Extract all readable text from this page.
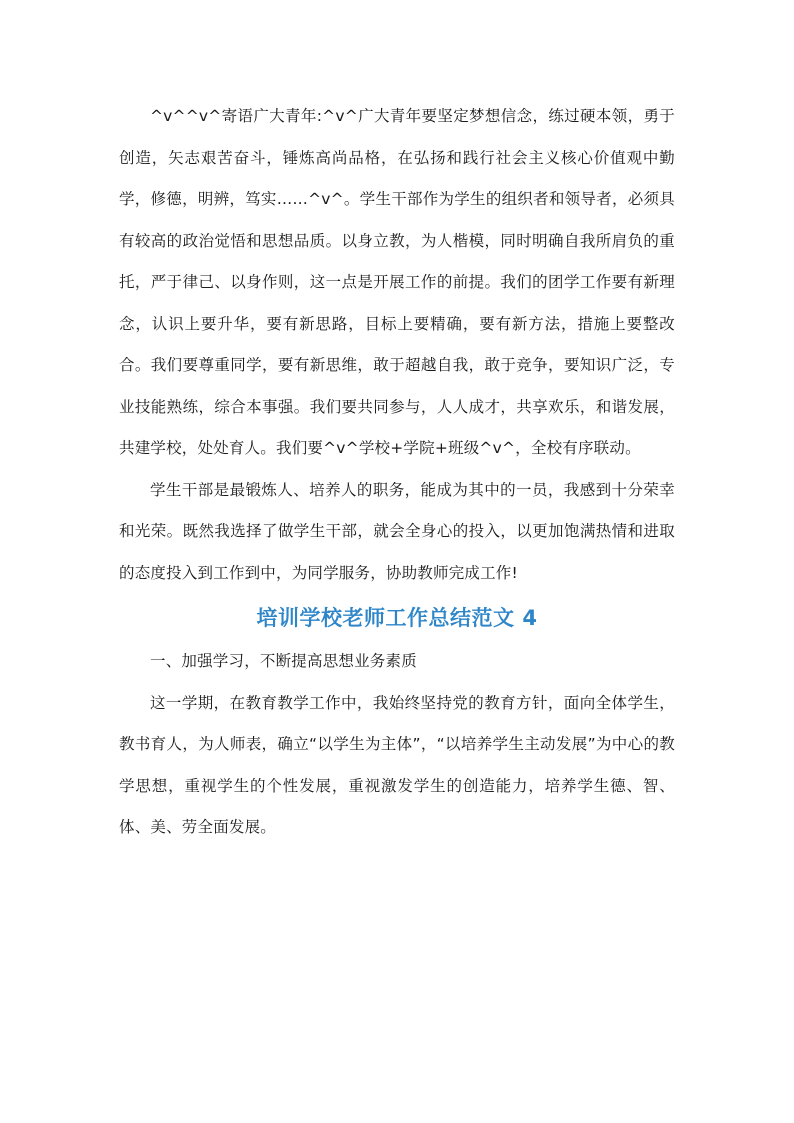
^v^^v^寄语广大青年:^v^广大青年要坚定梦想信念，练过硬本领，勇于创造，矢志艰苦奋斗，锤炼高尚品格，在弘扬和践行社会主义核心价值观中勤学，修德，明辨，笃实……^v^。学生干部作为学生的组织者和领导者，必须具有较高的政治觉悟和思想品质。以身立教，为人楷模，同时明确自我所肩负的重托，严于律己、以身作则，这一点是开展工作的前提。我们的团学工作要有新理念，认识上要升华，要有新思路，目标上要精确，要有新方法，措施上要整改合。我们要尊重同学，要有新思维，敢于超越自我，敢于竞争，要知识广泛，专业技能熟练，综合本事强。我们要共同参与，人人成才，共享欢乐，和谐发展，共建学校，处处育人。我们要^v^学校+学院+班级^v^，全校有序联动。

学生干部是最锻炼人、培养人的职务，能成为其中的一员，我感到十分荣幸和光荣。既然我选择了做学生干部，就会全身心的投入，以更加饱满热情和进取的态度投入到工作到中，为同学服务，协助教师完成工作!

培训学校老师工作总结范文 4

一、加强学习，不断提高思想业务素质

这一学期，在教育教学工作中，我始终坚持党的教育方针，面向全体学生，教书育人，为人师表，确立“以学生为主体”，“以培养学生主动发展”为中心的教学思想，重视学生的个性发展，重视激发学生的创造能力，培养学生德、智、体、美、劳全面发展。
